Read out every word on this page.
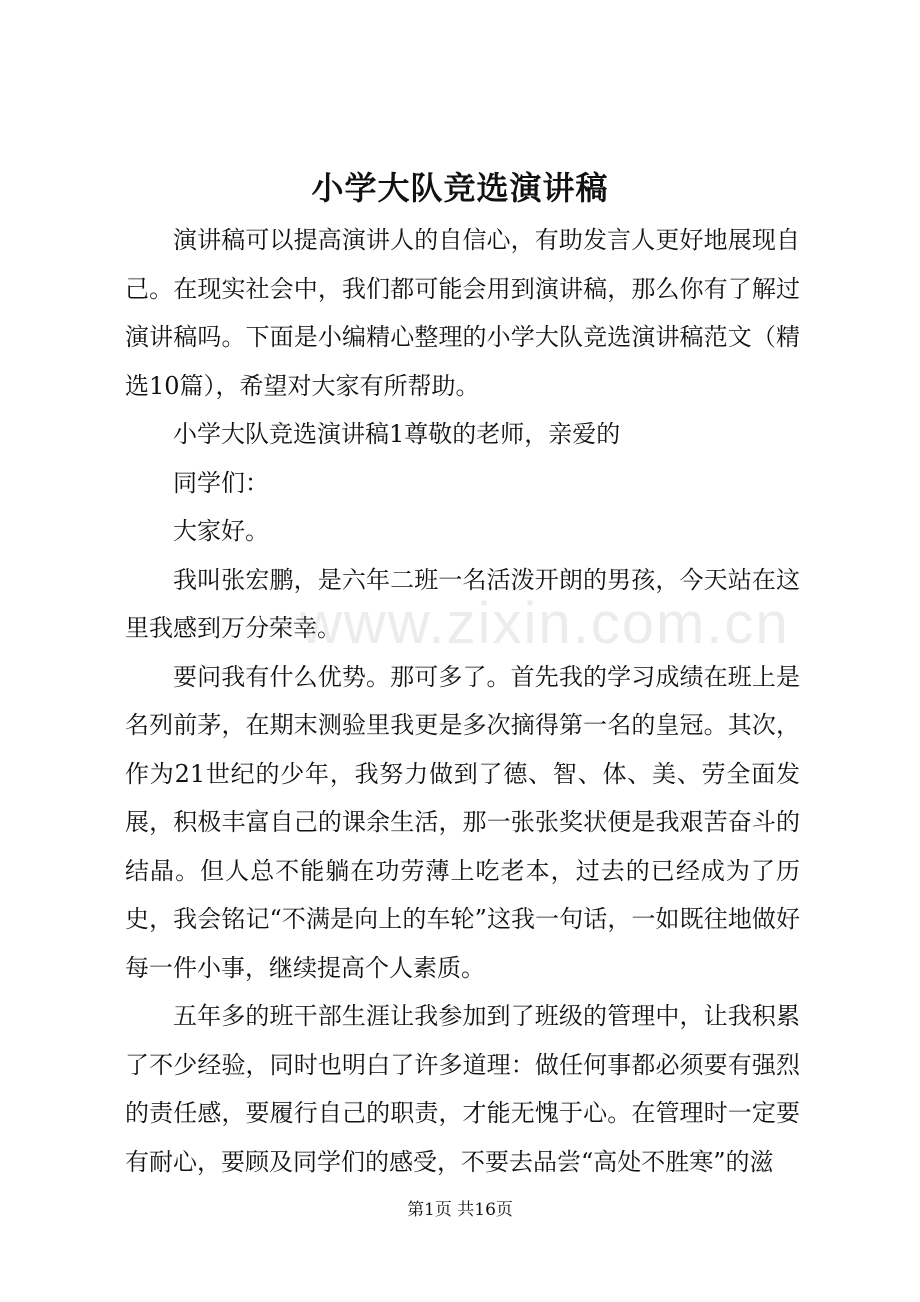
小学大队竞选演讲稿

演讲稿可以提高演讲人的自信心，有助发言人更好地展现自己。在现实社会中，我们都可能会用到演讲稿，那么你有了解过演讲稿吗。下面是小编精心整理的小学大队竞选演讲稿范文（精选10篇），希望对大家有所帮助。

小学大队竞选演讲稿1尊敬的老师，亲爱的

同学们：

大家好。

我叫张宏鹏，是六年二班一名活泼开朗的男孩，今天站在这里我感到万分荣幸。

要问我有什么优势。那可多了。首先我的学习成绩在班上是名列前茅，在期末测验里我更是多次摘得第一名的皇冠。其次，作为21世纪的少年，我努力做到了德、智、体、美、劳全面发展，积极丰富自己的课余生活，那一张张奖状便是我艰苦奋斗的结晶。但人总不能躺在功劳薄上吃老本，过去的已经成为了历史，我会铭记“不满是向上的车轮”这我一句话，一如既往地做好每一件小事，继续提高个人素质。

五年多的班干部生涯让我参加到了班级的管理中，让我积累了不少经验，同时也明白了许多道理：做任何事都必须要有强烈的责任感，要履行自己的职责，才能无愧于心。在管理时一定要有耐心，要顾及同学们的感受，不要去品尝“高处不胜寒”的滋

www.zixin.com.cn
第1页 共16页
